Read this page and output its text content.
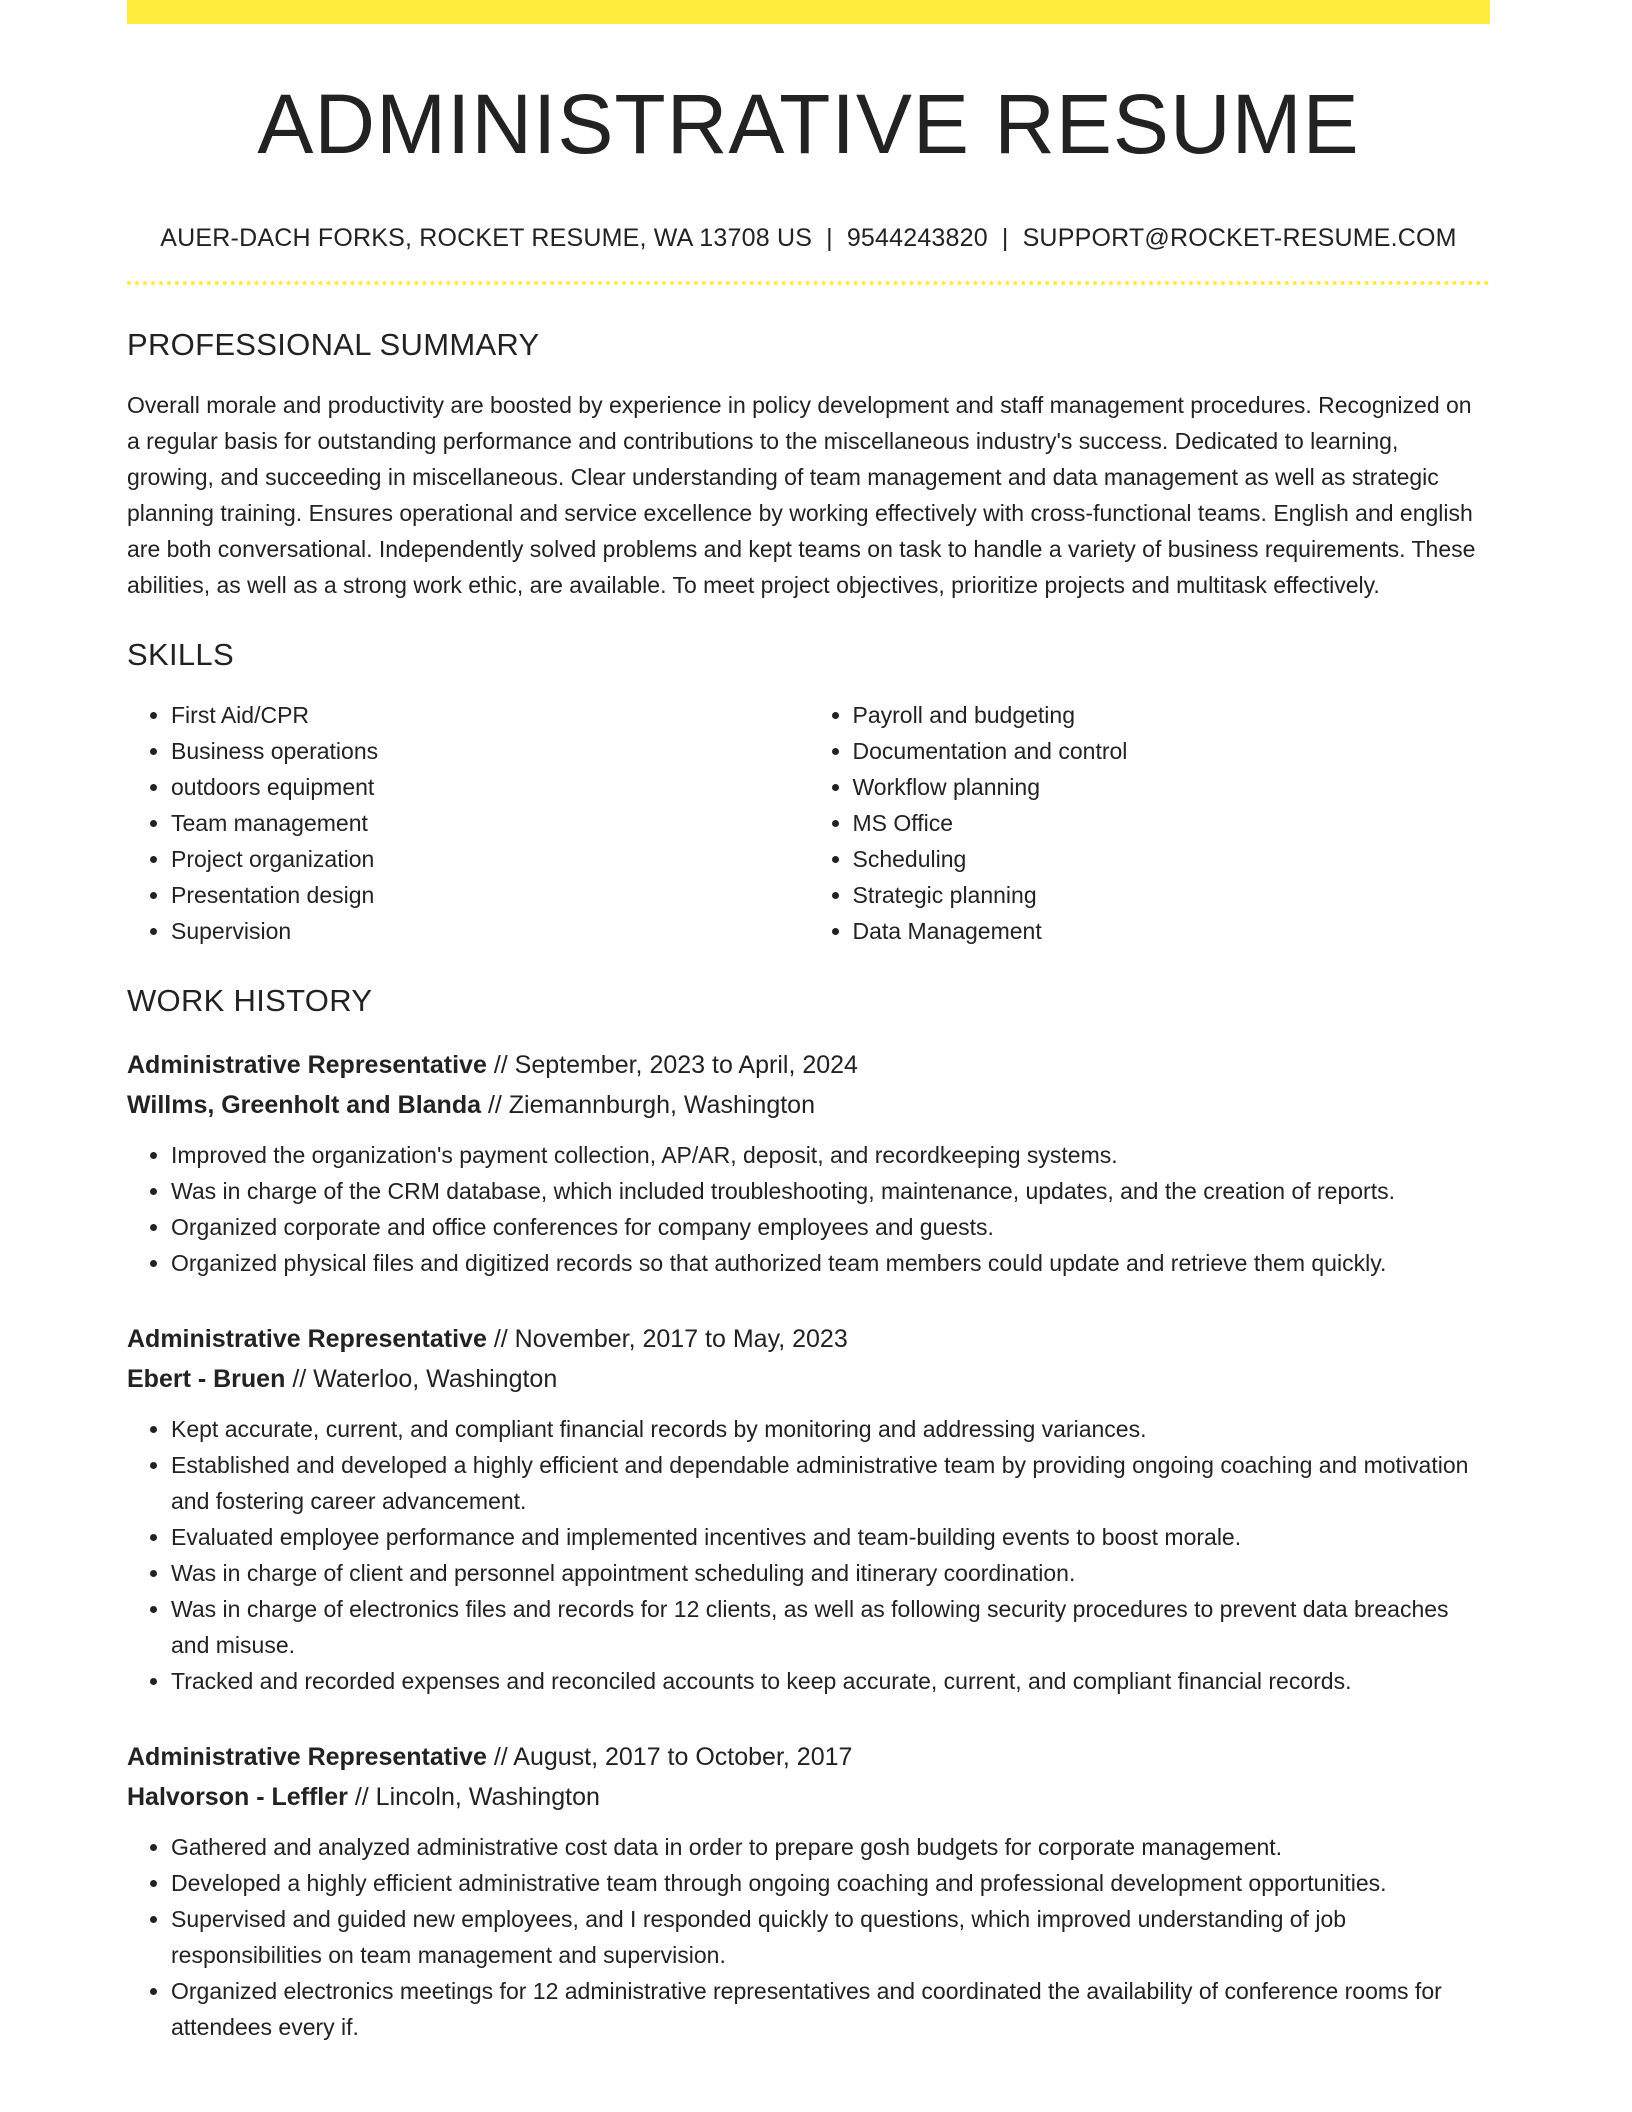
ADMINISTRATIVE RESUME
AUER-DACH FORKS, ROCKET RESUME, WA 13708 US | 9544243820 | SUPPORT@ROCKET-RESUME.COM
PROFESSIONAL SUMMARY

Overall morale and productivity are boosted by experience in policy development and staff management procedures. Recognized on a regular basis for outstanding performance and contributions to the miscellaneous industry's success. Dedicated to learning, growing, and succeeding in miscellaneous. Clear understanding of team management and data management as well as strategic planning training. Ensures operational and service excellence by working effectively with cross-functional teams. English and english are both conversational. Independently solved problems and kept teams on task to handle a variety of business requirements. These abilities, as well as a strong work ethic, are available. To meet project objectives, prioritize projects and multitask effectively.

SKILLS
• First Aid/CPR
• Business operations
• outdoors equipment
• Team management
• Project organization
• Presentation design
• Supervision
• Payroll and budgeting
• Documentation and control
• Workflow planning
• MS Office
• Scheduling
• Strategic planning
• Data Management
WORK HISTORY
Administrative Representative // September, 2023 to April, 2024
Willms, Greenholt and Blanda // Ziemannburgh, Washington
• Improved the organization's payment collection, AP/AR, deposit, and recordkeeping systems.
• Was in charge of the CRM database, which included troubleshooting, maintenance, updates, and the creation of reports.
• Organized corporate and office conferences for company employees and guests.
• Organized physical files and digitized records so that authorized team members could update and retrieve them quickly.
Administrative Representative // November, 2017 to May, 2023
Ebert - Bruen // Waterloo, Washington
• Kept accurate, current, and compliant financial records by monitoring and addressing variances.
• Established and developed a highly efficient and dependable administrative team by providing ongoing coaching and motivation and fostering career advancement.
• Evaluated employee performance and implemented incentives and team-building events to boost morale.
• Was in charge of client and personnel appointment scheduling and itinerary coordination.
• Was in charge of electronics files and records for 12 clients, as well as following security procedures to prevent data breaches and misuse.
• Tracked and recorded expenses and reconciled accounts to keep accurate, current, and compliant financial records.
Administrative Representative // August, 2017 to October, 2017
Halvorson - Leffler // Lincoln, Washington
• Gathered and analyzed administrative cost data in order to prepare gosh budgets for corporate management.
• Developed a highly efficient administrative team through ongoing coaching and professional development opportunities.
• Supervised and guided new employees, and I responded quickly to questions, which improved understanding of job responsibilities on team management and supervision.
• Organized electronics meetings for 12 administrative representatives and coordinated the availability of conference rooms for attendees every if.
